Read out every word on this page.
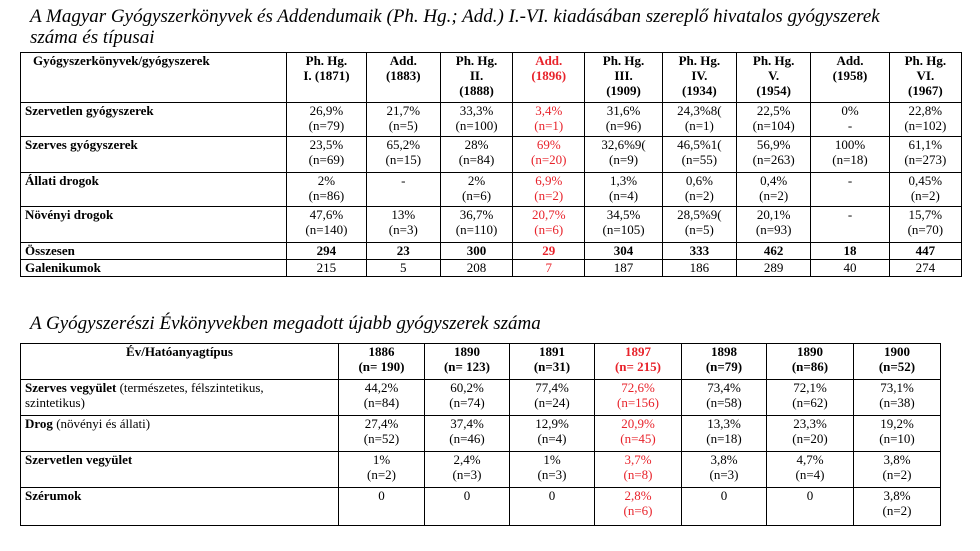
A Magyar Gyógyszerkönyvek és Addendumaik (Ph. Hg.; Add.) I.-VI. kiadásában szereplő hivatalos gyógyszerek száma és típusai
Gyógyszerkönyvek/gyógyszerek	Ph. Hg.
I. (1871)	Add.
(1883)	Ph. Hg.
II.
(1888)	Add.
(1896)	Ph. Hg.
III.
(1909)	Ph. Hg.
IV.
(1934)	Ph. Hg.
V.
(1954)	Add.
(1958)	Ph. Hg.
VI.
(1967)

Szervetlen gyógyszerek	26,9%
(n=79)	21,7%
(n=5)	33,3%
(n=100)	3,4%
(n=1)	31,6%
(n=96)	24,3%8(
(n=1)	22,5%
(n=104)	0%
-	22,8%
(n=102)

Szerves gyógyszerek	23,5%
(n=69)	65,2%
(n=15)	28%
(n=84)	69%
(n=20)	32,6%9(
(n=9)	46,5%1(
(n=55)	56,9%
(n=263)	100%
(n=18)	61,1%
(n=273)

Állati drogok	2%
(n=86)	-	2%
(n=6)	6,9%
(n=2)	1,3%
(n=4)	0,6%
(n=2)	0,4%
(n=2)	-	0,45%
(n=2)

Növényi drogok	47,6%
(n=140)	13%
(n=3)	36,7%
(n=110)	20,7%
(n=6)	34,5%
(n=105)	28,5%9(
(n=5)	20,1%
(n=93)	-	15,7%
(n=70)

Összesen	294	23	300	29	304	333	462	18	447
Galenikumok	215	5	208	7	187	186	289	40	274
A Gyógyszerészi Évkönyvekben megadott újabb gyógyszerek száma
Év/Hatóanyagtípus	1886
(n= 190)	1890
(n= 123)	1891
(n=31)	1897
(n= 215)	1898
(n=79)	1890
(n=86)	1900
(n=52)

Szerves vegyület (természetes, félszintetikus,
szintetikus)	44,2%
(n=84)	60,2%
(n=74)	77,4%
(n=24)	72,6%
(n=156)	73,4%
(n=58)	72,1%
(n=62)	73,1%
(n=38)

Drog (növényi és állati)	27,4%
(n=52)	37,4%
(n=46)	12,9%
(n=4)	20,9%
(n=45)	13,3%
(n=18)	23,3%
(n=20)	19,2%
(n=10)

Szervetlen vegyület	1%
(n=2)	2,4%
(n=3)	1%
(n=3)	3,7%
(n=8)	3,8%
(n=3)	4,7%
(n=4)	3,8%
(n=2)

Szérumok	0	0	0	2,8%
(n=6)	0	0	3,8%
(n=2)
